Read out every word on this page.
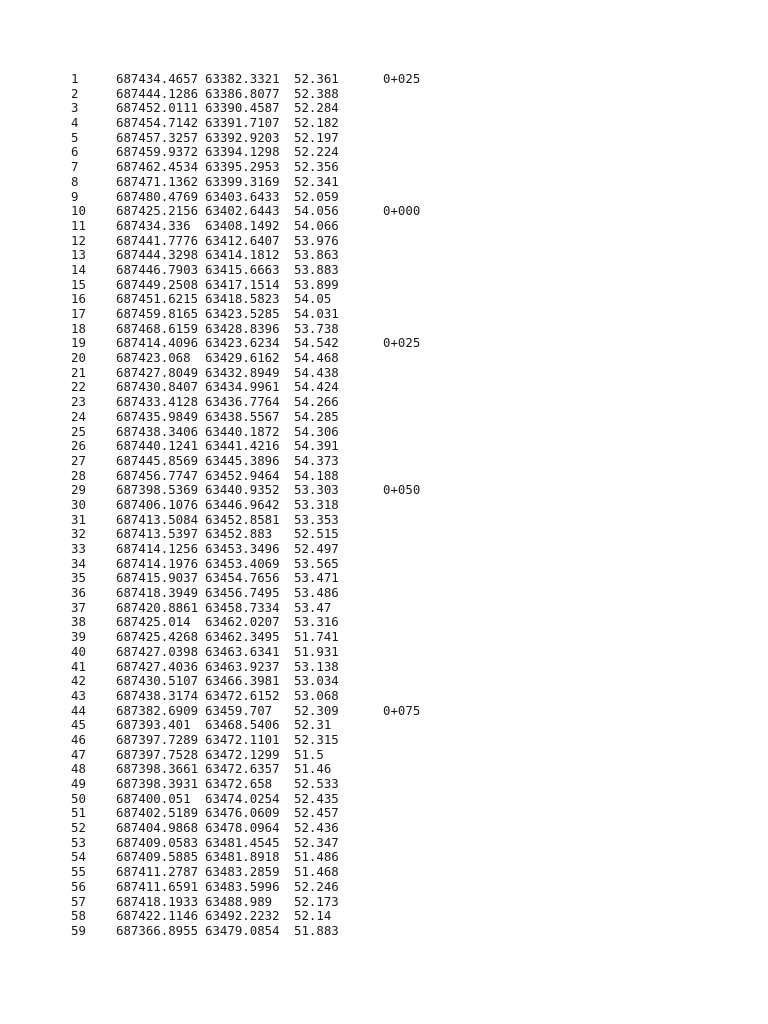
1	687434.4657 63382.3321 52.361	0+025
2	687444.1286 63386.8077 52.388
3	687452.0111 63390.4587 52.284
4	687454.7142 63391.7107 52.182
5	687457.3257 63392.9203 52.197
6	687459.9372 63394.1298 52.224
7	687462.4534 63395.2953 52.356
8	687471.1362 63399.3169 52.341
9	687480.4769 63403.6433 52.059
10 687425.2156 63402.6443 54.056	0+000
11 687434.336 63408.1492 54.066
12 687441.7776 63412.6407 53.976
13 687444.3298 63414.1812 53.863
14 687446.7903 63415.6663 53.883
15 687449.2508 63417.1514 53.899
16 687451.6215 63418.5823 54.05
17 687459.8165 63423.5285 54.031
18 687468.6159 63428.8396 53.738
19 687414.4096 63423.6234 54.542	0+025
20 687423.068 63429.6162 54.468
21 687427.8049 63432.8949 54.438
22 687430.8407 63434.9961 54.424
23 687433.4128 63436.7764 54.266
24 687435.9849 63438.5567 54.285
25 687438.3406 63440.1872 54.306
26 687440.1241 63441.4216 54.391
27 687445.8569 63445.3896 54.373
28 687456.7747 63452.9464 54.188
29 687398.5369 63440.9352 53.303	0+050
30 687406.1076 63446.9642 53.318
31 687413.5084 63452.8581 53.353
32 687413.5397 63452.883 52.515
33 687414.1256 63453.3496 52.497
34 687414.1976 63453.4069 53.565
35 687415.9037 63454.7656 53.471
36 687418.3949 63456.7495 53.486
37 687420.8861 63458.7334 53.47
38 687425.014 63462.0207 53.316
39 687425.4268 63462.3495 51.741
40 687427.0398 63463.6341 51.931
41 687427.4036 63463.9237 53.138
42 687430.5107 63466.3981 53.034
43 687438.3174 63472.6152 53.068
44 687382.6909 63459.707 52.309	0+075
45 687393.401 63468.5406 52.31
46 687397.7289 63472.1101 52.315
47 687397.7528 63472.1299 51.5
48 687398.3661 63472.6357 51.46
49 687398.3931 63472.658 52.533
50 687400.051 63474.0254 52.435
51 687402.5189 63476.0609 52.457
52 687404.9868 63478.0964 52.436
53 687409.0583 63481.4545 52.347
54 687409.5885 63481.8918 51.486
55 687411.2787 63483.2859 51.468
56 687411.6591 63483.5996 52.246
57 687418.1933 63488.989 52.173
58 687422.1146 63492.2232 52.14
59 687366.8955 63479.0854 51.883
